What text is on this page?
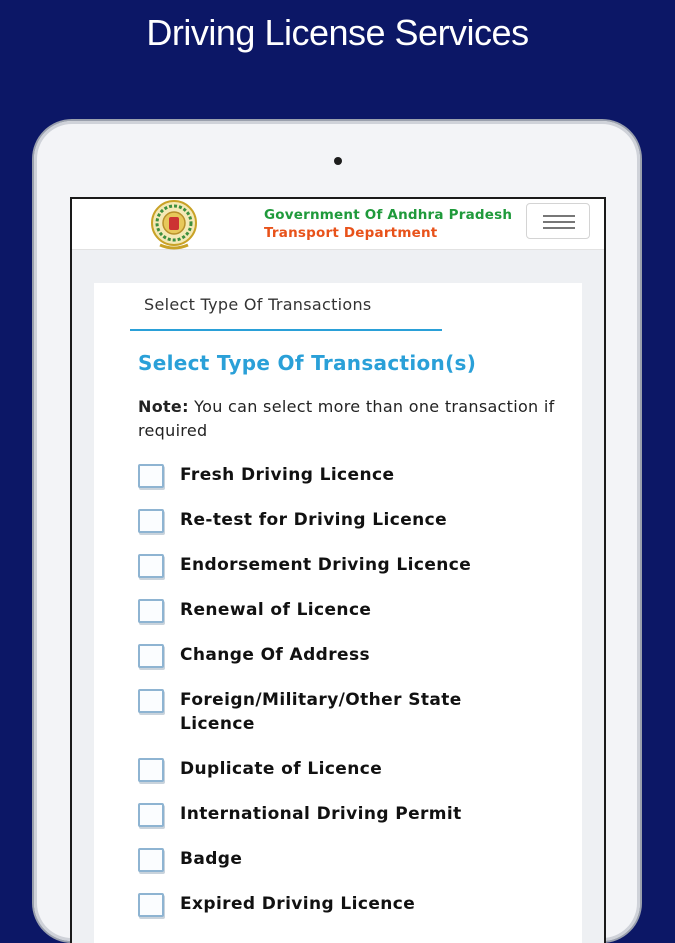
Driving License Services
Government Of Andhra Pradesh
Transport Department
Select Type Of Transactions
Select Type Of Transaction(s)
Note: You can select more than one transaction if required
Fresh Driving Licence
Re-test for Driving Licence
Endorsement Driving Licence
Renewal of Licence
Change Of Address
Foreign/Military/Other State Licence
Duplicate of Licence
International Driving Permit
Badge
Expired Driving Licence
